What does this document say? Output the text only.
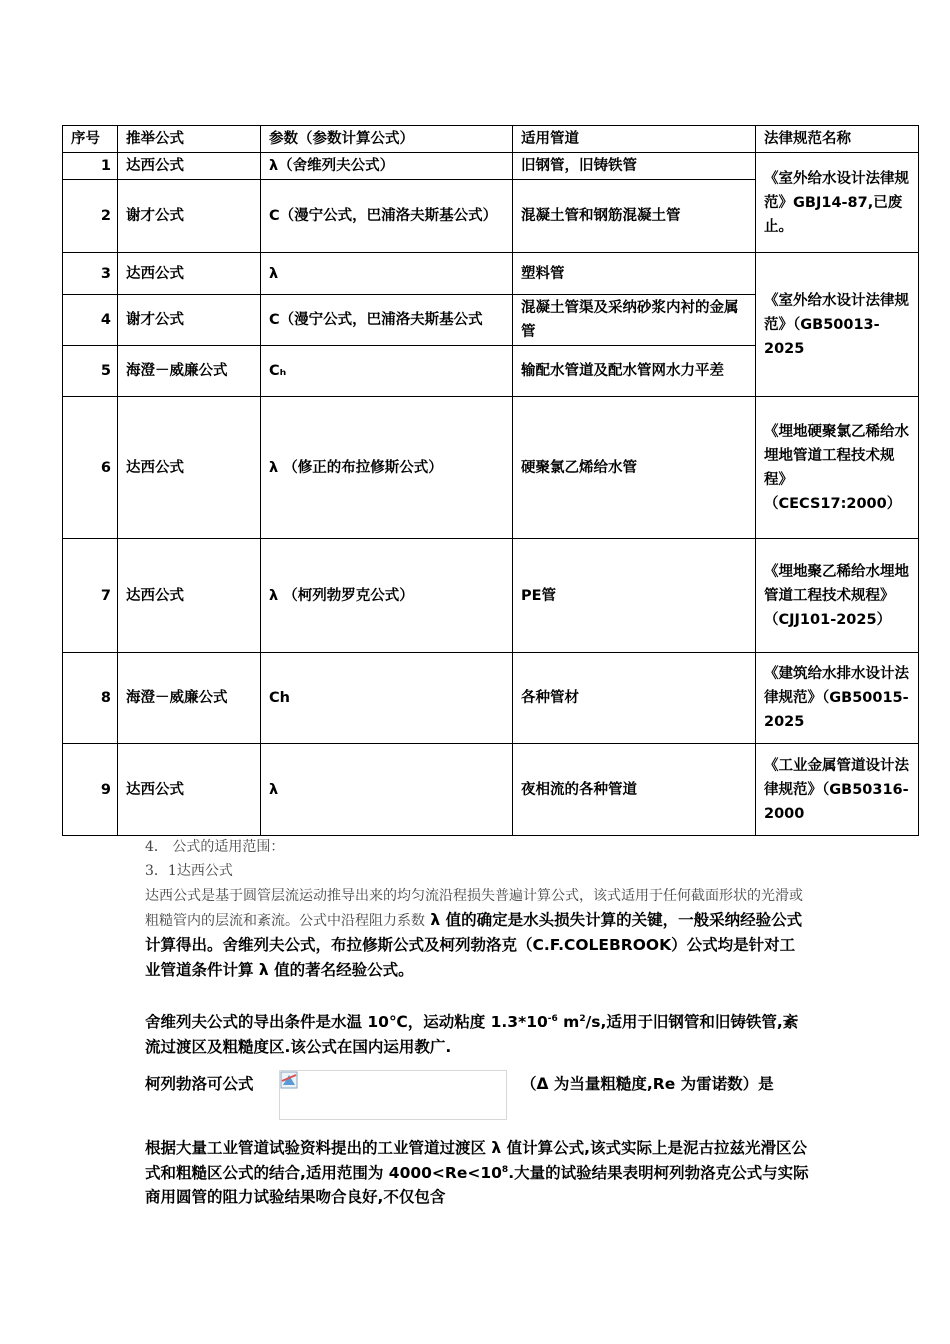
序号	推举公式	参数（参数计算公式）	适用管道	法律规范名称
1	达西公式	λ（舍维列夫公式）	旧钢管，旧铸铁管	《室外给水设计法律规范》GBJ14-87,已废止。
2	谢才公式	C（漫宁公式，巴浦洛夫斯基公式）	混凝土管和钢筋混凝土管	
3	达西公式	λ	塑料管	《室外给水设计法律规范》（GB50013-2025
4	谢才公式	C（漫宁公式，巴浦洛夫斯基公式	混凝土管渠及采纳砂浆内衬的金属管	
5	海澄－威廉公式	Cₕ	输配水管道及配水管网水力平差	
6	达西公式	λ （修正的布拉修斯公式）	硬聚氯乙烯给水管	《埋地硬聚氯乙稀给水埋地管道工程技术规程》（CECS17:2000）
7	达西公式	λ （柯列勃罗克公式）	PE管	《埋地聚乙稀给水埋地管道工程技术规程》（CJJ101-2025）
8	海澄－威廉公式	Ch	各种管材	《建筑给水排水设计法律规范》（GB50015-2025
9	达西公式	λ	夜相流的各种管道	《工业金属管道设计法律规范》（GB50316-2000
4． 公式的适用范围：
3．1达西公式

达西公式是基于圆管层流运动推导出来的均匀流沿程损失普遍计算公式，该式适用于任何截面形状的光滑或粗糙管内的层流和紊流。公式中沿程阻力系数 λ 值的确定是水头损失计算的关键，一般采纳经验公式计算得出。舍维列夫公式，布拉修斯公式及柯列勃洛克（C.F.COLEBROOK）公式均是针对工业管道条件计算 λ 值的著名经验公式。

舍维列夫公式的导出条件是水温 10℃，运动粘度 $1.3*10^{-6}$ $m^2/s$,适用于旧钢管和旧铸铁管,紊流过渡区及粗糙度区.该公式在国内运用教广.

柯列勃洛可公式	（Δ 为当量粗糙度,Re 为雷诺数）是

根据大量工业管道试验资料提出的工业管道过渡区 λ 值计算公式,该式实际上是泥古拉兹光滑区公式和粗糙区公式的结合,适用范围为 $4000<Re<10^8$.大量的试验结果表明柯列勃洛克公式与实际商用圆管的阻力试验结果吻合良好,不仅包含
